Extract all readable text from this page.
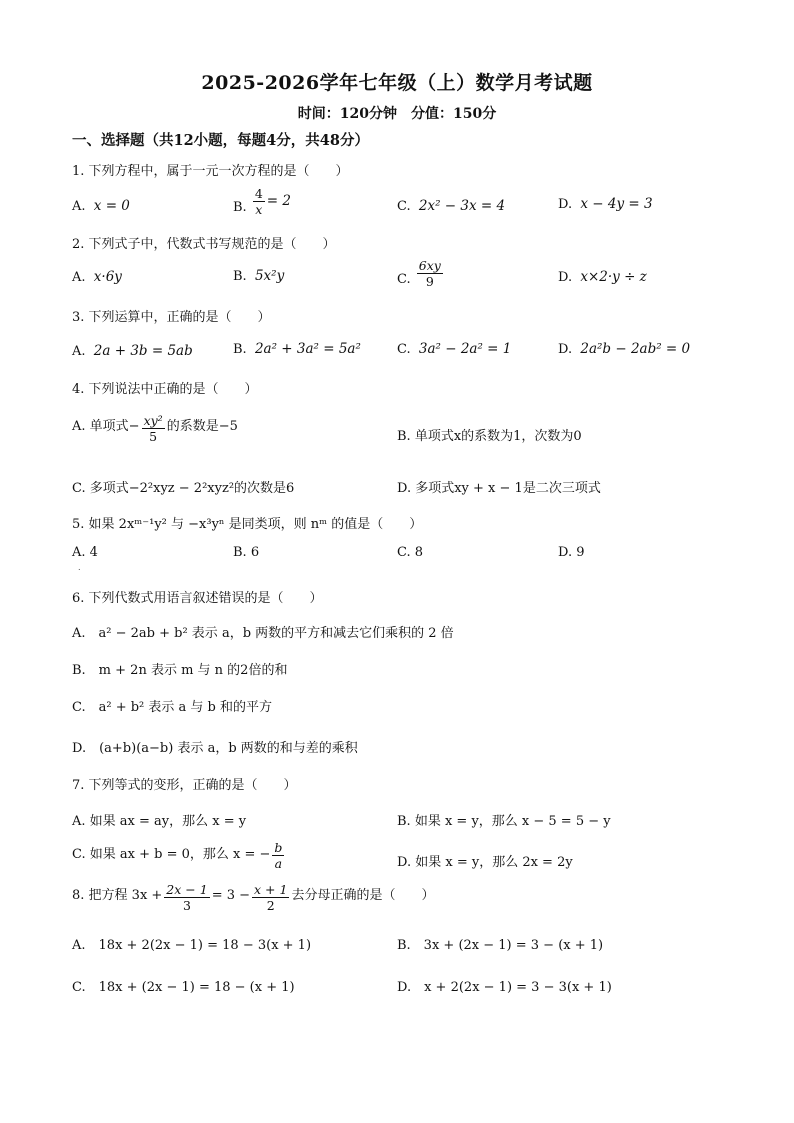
2025-2026学年七年级（上）数学月考试题
时间：120分钟　分值：150分
一、选择题（共12小题，每题4分，共48分）
1. 下列方程中，属于一元一次方程的是（　　）
A. x = 0	B. $\frac{4}{x} = 2$	C. 2x² − 3x = 4	D. x − 4y = 3
2. 下列式子中，代数式书写规范的是（　　）
A. x·6y	B. 5x²y	C. $\frac{6xy}{9}$	D. x×2·y ÷ z
3. 下列运算中，正确的是（　　）
A. 2a + 3b = 5ab	B. 2a² + 3a² = 5a²	C. 3a² − 2a² = 1	D. 2a²b − 2ab² = 0
4. 下列说法中正确的是（　　）
A. 单项式− $\frac{\text{xy²}}{5}$ 的系数是−5
B. 单项式x的系数为1，次数为0
C. 多项式−2²xyz − 2²xyz²的次数是6	D. 多项式xy + x − 1是二次三项式
5. 如果 2xᵐ⁻¹y² 与 −x³yⁿ 是同类项，则 nᵐ 的值是（　　）
A. 4	B. 6	C. 8	D. 9
.
6. 下列代数式用语言叙述错误的是（　　）
A.　a² − 2ab + b² 表示 a，b 两数的平方和减去它们乘积的 2 倍
B.　m + 2n 表示 m 与 n 的2倍的和
C.　a² + b² 表示 a 与 b 和的平方
D.　(a+b)(a−b) 表示 a，b 两数的和与差的乘积
7. 下列等式的变形，正确的是（　　）
A. 如果 ax = ay，那么 x = y	B. 如果 x = y，那么 x − 5 = 5 − y
C. 如果 ax + b = 0，那么 x = − $\frac{b}{a}$	D. 如果 x = y，那么 2x = 2y
8. 把方程 $3x + \frac{2x - 1}{3} = 3 - \frac{x + 1}{2}$ 去分母正确的是（　　）
A.　18x + 2(2x − 1) = 18 − 3(x + 1)	B.　3x + (2x − 1) = 3 − (x + 1)
C.　18x + (2x − 1) = 18 − (x + 1)	D.　x + 2(2x − 1) = 3 − 3(x + 1)
